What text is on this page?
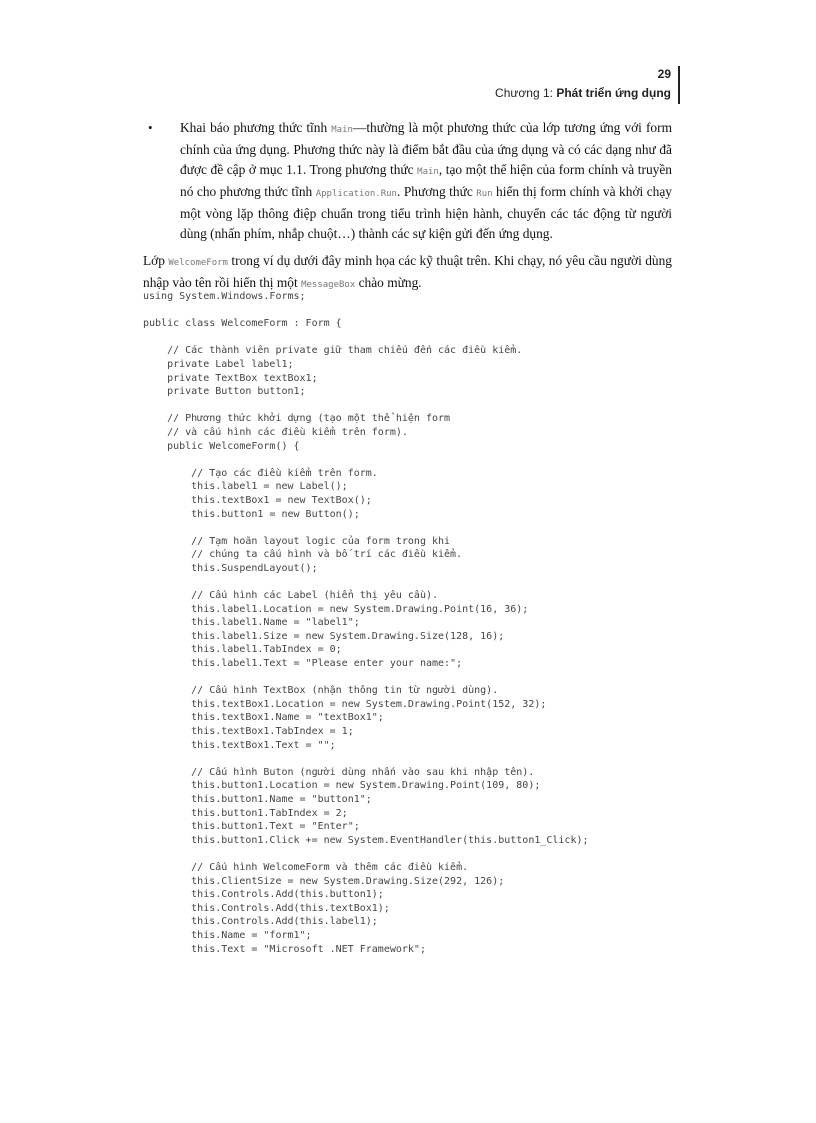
29
Chương 1: Phát triển ứng dụng
• Khai báo phương thức tĩnh Main—thường là một phương thức của lớp tương ứng với form chính của ứng dụng. Phương thức này là điểm bắt đầu của ứng dụng và có các dạng như đã được đề cập ở mục 1.1. Trong phương thức Main, tạo một thể hiện của form chính và truyền nó cho phương thức tĩnh Application.Run. Phương thức Run hiển thị form chính và khởi chạy một vòng lặp thông điệp chuẩn trong tiểu trình hiện hành, chuyển các tác động từ người dùng (nhấn phím, nhắp chuột…) thành các sự kiện gửi đến ứng dụng.
Lớp WelcomeForm trong ví dụ dưới đây minh họa các kỹ thuật trên. Khi chạy, nó yêu cầu người dùng nhập vào tên rồi hiển thị một MessageBox chào mừng.
using System.Windows.Forms;

public class WelcomeForm : Form {

// Các thành viên private giữ tham chiếu đến các điều kiểm.
private Label label1;
private TextBox textBox1;
private Button button1;

// Phương thức khởi dựng (tạo một thể hiện form
// và cấu hình các điều kiểm trên form).
public WelcomeForm() {

// Tạo các điều kiểm trên form.
this.label1 = new Label();
this.textBox1 = new TextBox();
this.button1 = new Button();

// Tạm hoãn layout logic của form trong khi
// chúng ta cấu hình và bố trí các điều kiểm.
this.SuspendLayout();

// Cấu hình các Label (hiển thị yêu cầu).
this.label1.Location = new System.Drawing.Point(16, 36);
this.label1.Name = "label1";
this.label1.Size = new System.Drawing.Size(128, 16);
this.label1.TabIndex = 0;
this.label1.Text = "Please enter your name:";

// Cấu hình TextBox (nhận thông tin từ người dùng).
this.textBox1.Location = new System.Drawing.Point(152, 32);
this.textBox1.Name = "textBox1";
this.textBox1.TabIndex = 1;
this.textBox1.Text = "";

// Cấu hình Buton (người dùng nhấn vào sau khi nhập tên).
this.button1.Location = new System.Drawing.Point(109, 80);
this.button1.Name = "button1";
this.button1.TabIndex = 2;
this.button1.Text = "Enter";
this.button1.Click += new System.EventHandler(this.button1_Click);

// Cấu hình WelcomeForm và thêm các điều kiểm.
this.ClientSize = new System.Drawing.Size(292, 126);
this.Controls.Add(this.button1);
this.Controls.Add(this.textBox1);
this.Controls.Add(this.label1);
this.Name = "form1";
this.Text = "Microsoft .NET Framework";
